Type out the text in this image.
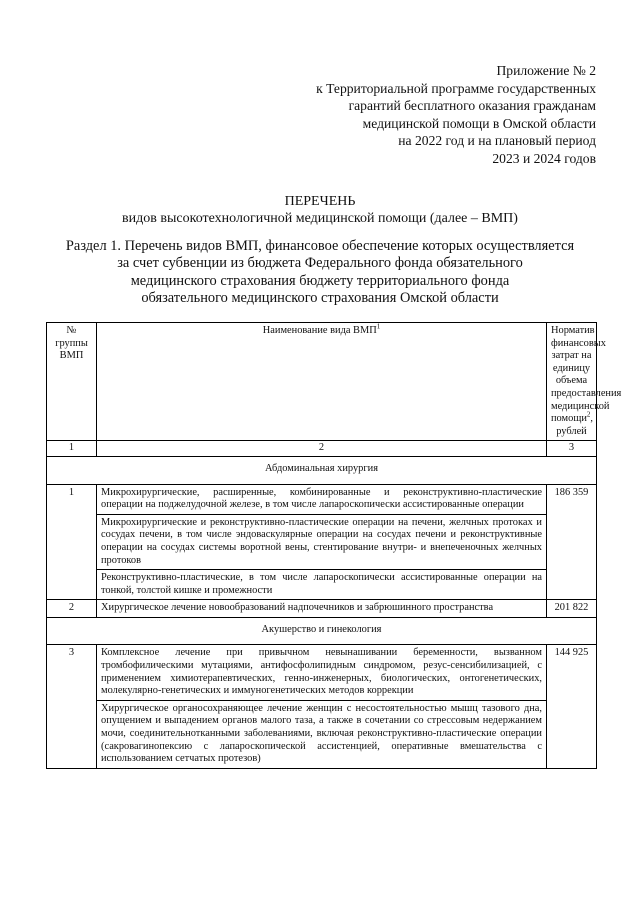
Приложение № 2
к Территориальной программе государственных
гарантий бесплатного оказания гражданам
медицинской помощи в Омской области
на 2022 год и на плановый период
2023 и 2024 годов
ПЕРЕЧЕНЬ
видов высокотехнологичной медицинской помощи (далее – ВМП)
Раздел 1. Перечень видов ВМП, финансовое обеспечение которых осуществляется
за счет субвенции из бюджета Федерального фонда обязательного
медицинского страхования бюджету территориального фонда
обязательного медицинского страхования Омской области
№ группы ВМП	Наименование вида ВМП$^1$	Норматив финансовых затрат на единицу объема предоставления медицинской помощи$^2$, рублей
1	2	3
Абдоминальная хирургия		
1	Микрохирургические, расширенные, комбинированные и реконструктивно-пластические операции на поджелудочной железе, в том числе лапароскопически ассистированные операции	186 359
	Микрохирургические и реконструктивно-пластические операции на печени, желчных протоках и сосудах печени, в том числе эндоваскулярные операции на сосудах печени и реконструктивные операции на сосудах системы воротной вены, стентирование внутри- и внепеченочных желчных протоков	
	Реконструктивно-пластические, в том числе лапароскопически ассистированные операции на тонкой, толстой кишке и промежности	
2	Хирургическое лечение новообразований надпочечников и забрюшинного пространства	201 822
Акушерство и гинекология		
3	Комплексное лечение при привычном невынашивании беременности, вызванном тромбофилическими мутациями, антифосфолипидным синдромом, резус-сенсибилизацией, с применением химиотерапевтических, генно-инженерных, биологических, онтогенетических, молекулярно-генетических и иммуногенетических методов коррекции	144 925
	Хирургическое органосохраняющее лечение женщин с несостоятельностью мышц тазового дна, опущением и выпадением органов малого таза, а также в сочетании со стрессовым недержанием мочи, соединительнотканными заболеваниями, включая реконструктивно-пластические операции (сакровагинопексию с лапароскопической ассистенцией, оперативные вмешательства с использованием сетчатых протезов)	
